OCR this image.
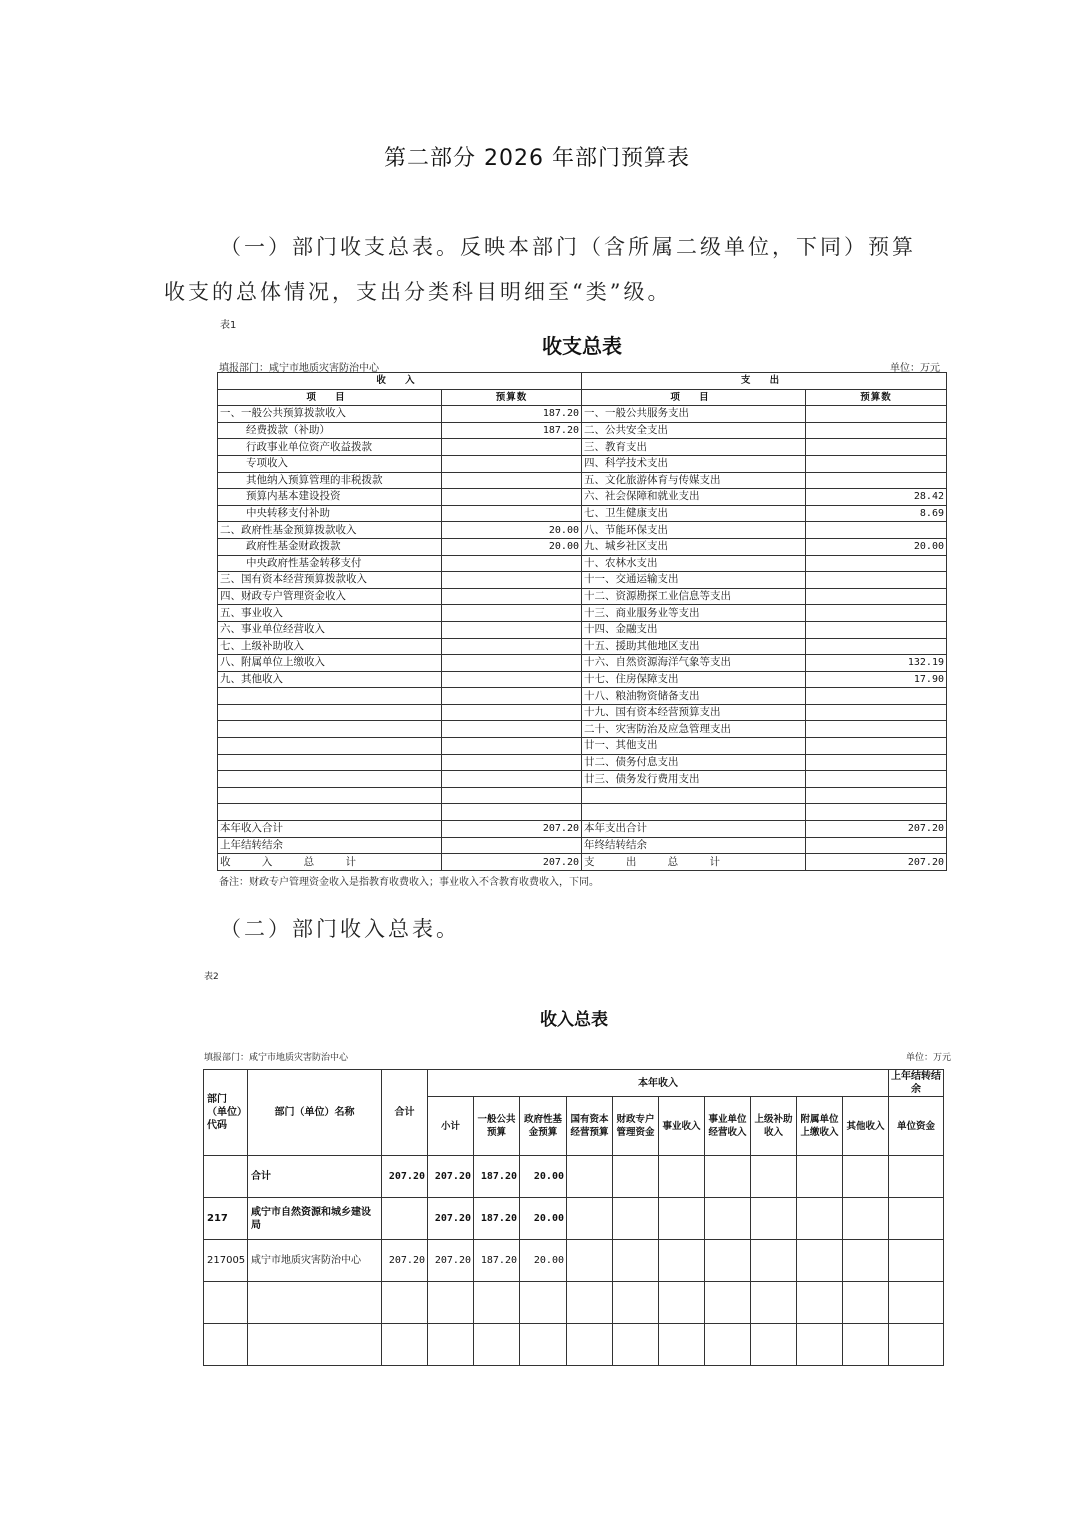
第二部分 2026 年部门预算表
（一）部门收支总表。反映本部门（含所属二级单位，下同）预算
收支的总体情况，支出分类科目明细至“类”级。
表1
收支总表
填报部门：咸宁市地质灾害防治中心	单位：万元
收 入		支 出	
项 目	预算数	项 目	预算数
一、一般公共预算拨款收入	187.20	一、一般公共服务支出	
经费拨款（补助）	187.20	二、公共安全支出	
行政事业单位资产收益拨款		三、教育支出	
专项收入		四、科学技术支出	
其他纳入预算管理的非税拨款		五、文化旅游体育与传媒支出	
预算内基本建设投资		六、社会保障和就业支出	28.42
中央转移支付补助		七、卫生健康支出	8.69
二、政府性基金预算拨款收入	20.00	八、节能环保支出	
政府性基金财政拨款	20.00	九、城乡社区支出	20.00
中央政府性基金转移支付		十、农林水支出	
三、国有资本经营预算拨款收入		十一、交通运输支出	
四、财政专户管理资金收入		十二、资源勘探工业信息等支出	
五、事业收入		十三、商业服务业等支出	
六、事业单位经营收入		十四、金融支出	
七、上级补助收入		十五、援助其他地区支出	
八、附属单位上缴收入		十六、自然资源海洋气象等支出	132.19
九、其他收入		十七、住房保障支出	17.90
		十八、粮油物资储备支出	
		十九、国有资本经营预算支出	
		二十、灾害防治及应急管理支出	
		廿一、其他支出	
		廿二、债务付息支出	
		廿三、债务发行费用支出	

本年收入合计	207.20	本年支出合计	207.20
上年结转结余		年终结转结余	
收 入 总 计	207.20	支 出 总 计	207.20
备注：财政专户管理资金收入是指教育收费收入；事业收入不含教育收费收入，下同。
（二）部门收入总表。
表2
收入总表
填报部门：咸宁市地质灾害防治中心	单位：万元
部门（单位）代码	部门（单位）名称	合计	本年收入										上年结转结余
			小计	一般公共预算	政府性基金预算	国有资本经营预算	财政专户管理资金	事业收入	事业单位经营收入	上级补助收入	附属单位上缴收入	其他收入	单位资金
	合计	207.20	207.20	187.20	20.00								
217	咸宁市自然资源和城乡建设局		207.20	187.20	20.00								
217005	咸宁市地质灾害防治中心	207.20	207.20	187.20	20.00								
